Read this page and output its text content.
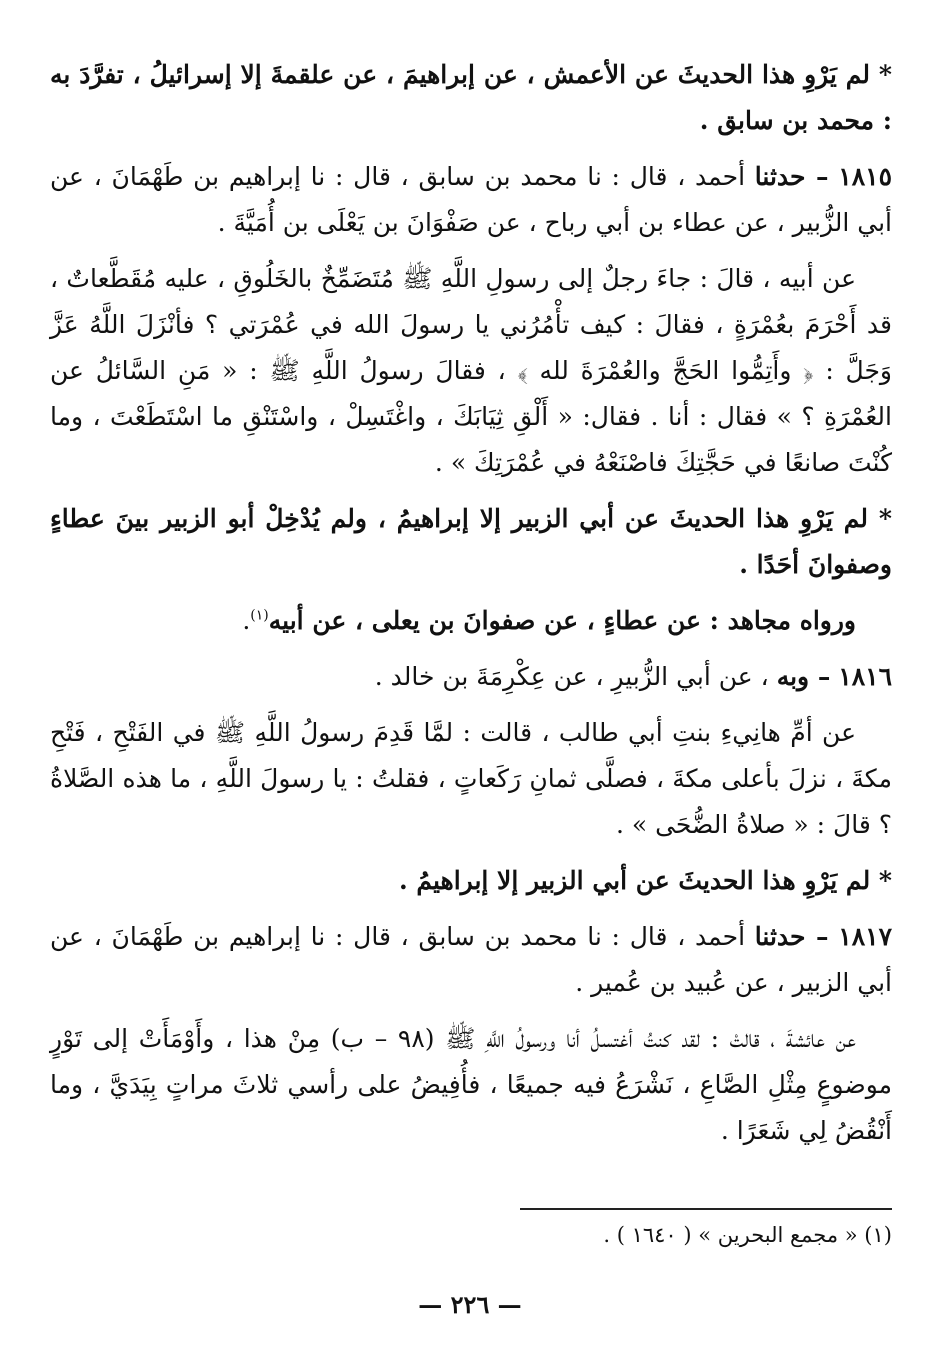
* لم يَرْوِ هذا الحديثَ عن الأعمش ، عن إبراهيمَ ، عن علقمةَ إلا إسرائيلُ ، تفرَّدَ به : محمد بن سابق .

١٨١٥ – حدثنا أحمد ، قال : نا محمد بن سابق ، قال : نا إبراهيم بن طَهْمَانَ ، عن أبي الزُّبير ، عن عطاء بن أبي رباح ، عن صَفْوَانَ بن يَعْلَى بن أُمَيَّةَ .

عن أبيه ، قالَ : جاءَ رجلٌ إلى رسولِ اللَّهِ ﷺ مُتَضَمِّخٌ بالخَلُوقِ ، عليه مُقَطَّعاتٌ ، قد أَحْرَمَ بعُمْرَةٍ ، فقالَ : كيف تأْمُرُني يا رسولَ الله في عُمْرَتي ؟ فأنْزَلَ اللَّهُ عَزَّ وَجَلَّ : ﴿ وأَتِمُّوا الحَجَّ والعُمْرَةَ لله ﴾ ، فقالَ رسولُ اللَّهِ ﷺ : « مَنِ السَّائلُ عن العُمْرَةِ ؟ » فقال : أنا . فقال: « أَلْقِ ثِيَابَكَ ، واغْتَسِلْ ، واسْتَنْقِ ما اسْتَطَعْتَ ، وما كُنْتَ صانعًا في حَجَّتِكَ فاصْنَعْهُ في عُمْرَتِكَ » .

* لم يَرْوِ هذا الحديثَ عن أبي الزبير إلا إبراهيمُ ، ولم يُدْخِلْ أبو الزبير بينَ عطاءٍ وصفوانَ أحَدًا .

ورواه مجاهد : عن عطاءٍ ، عن صفوانَ بن يعلى ، عن أبيه$^{(١)}$.

١٨١٦ – وبه ، عن أبي الزُّبيرِ ، عن عِكْرِمَةَ بن خالد .

عن أمِّ هانِيءِ بنتِ أبي طالب ، قالت : لمَّا قَدِمَ رسولُ اللَّهِ ﷺ في الفَتْحِ ، فَتْحِ مكةَ ، نزلَ بأعلى مكةَ ، فصلَّى ثمانِ رَكَعاتٍ ، فقلتُ : يا رسولَ اللَّهِ ، ما هذه الصَّلاةُ ؟ قالَ : « صلاةُ الضُّحَى » .

* لم يَرْوِ هذا الحديثَ عن أبي الزبير إلا إبراهيمُ .

١٨١٧ – حدثنا أحمد ، قال : نا محمد بن سابق ، قال : نا إبراهيم بن طَهْمَانَ ، عن أبي الزبير ، عن عُبيد بن عُمير .

عن عائشةَ ، قالتْ : لقد كنتُ أغتسلُ أنا ورسولُ اللَّهِ ﷺ (٩٨ – ب) مِنْ هذا ، وأَوْمَأَتْ إلى تَوْرٍ موضوعٍ مِثْلِ الصَّاعِ ، نَشْرَعُ فيه جميعًا ، فأُفِيضُ على رأسي ثلاثَ مراتٍ بِيَدَيَّ ، وما أَنْقُضُ لِي شَعَرًا .

(١) « مجمع البحرين » ( ١٦٤٠ ) .
— ٢٢٦ —
